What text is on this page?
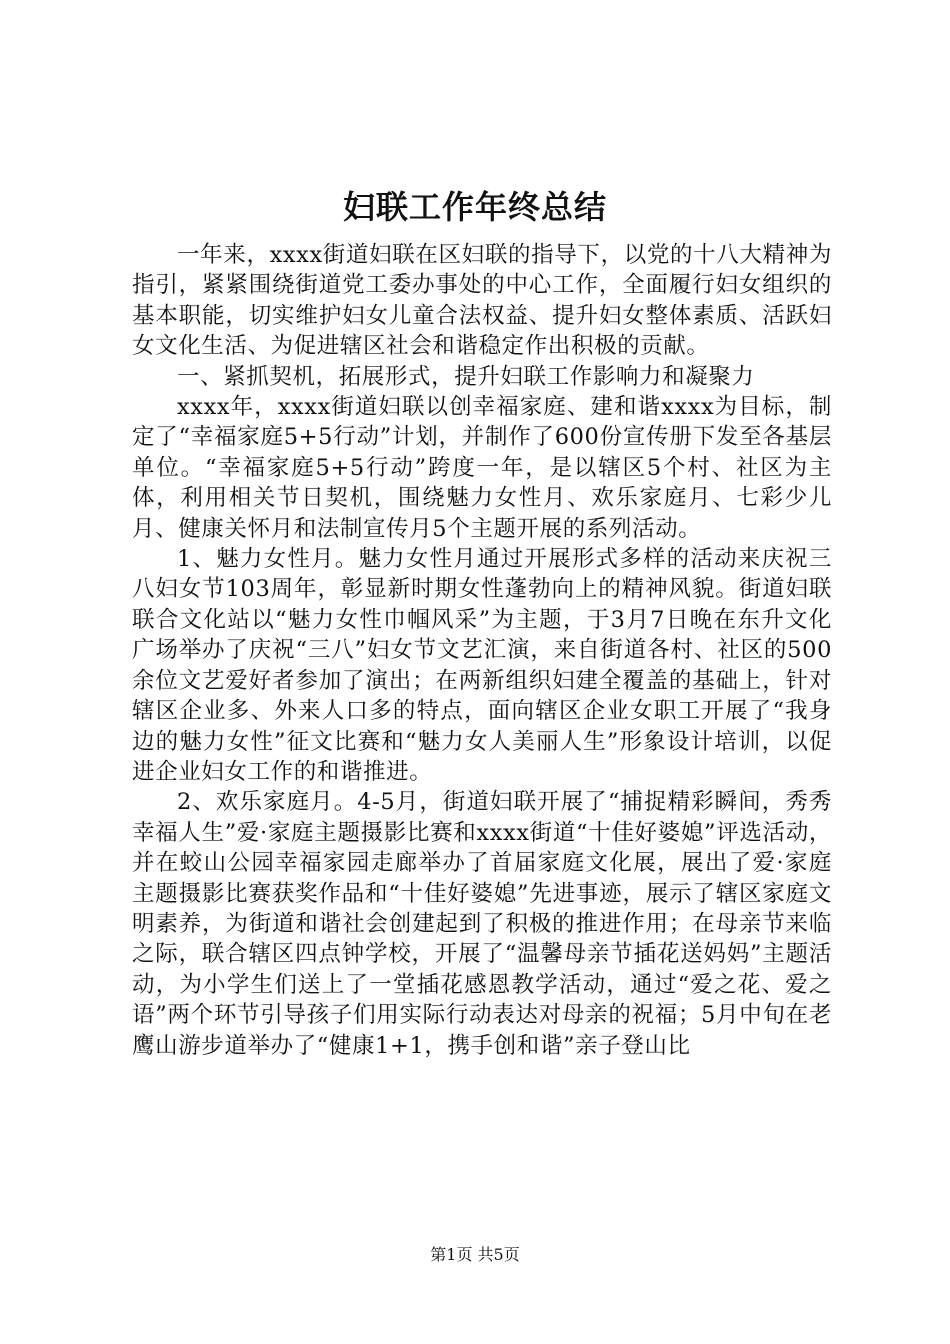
妇联工作年终总结

一年来，xxxx街道妇联在区妇联的指导下，以党的十八大精神为指引，紧紧围绕街道党工委办事处的中心工作，全面履行妇女组织的基本职能，切实维护妇女儿童合法权益、提升妇女整体素质、活跃妇女文化生活、为促进辖区社会和谐稳定作出积极的贡献。

一、紧抓契机，拓展形式，提升妇联工作影响力和凝聚力

xxxx年，xxxx街道妇联以创幸福家庭、建和谐xxxx为目标，制定了“幸福家庭5+5行动”计划，并制作了600份宣传册下发至各基层单位。“幸福家庭5+5行动”跨度一年，是以辖区5个村、社区为主体，利用相关节日契机，围绕魅力女性月、欢乐家庭月、七彩少儿月、健康关怀月和法制宣传月5个主题开展的系列活动。

1、魅力女性月。魅力女性月通过开展形式多样的活动来庆祝三八妇女节103周年，彰显新时期女性蓬勃向上的精神风貌。街道妇联联合文化站以“魅力女性巾帼风采”为主题，于3月7日晚在东升文化广场举办了庆祝“三八”妇女节文艺汇演，来自街道各村、社区的500余位文艺爱好者参加了演出；在两新组织妇建全覆盖的基础上，针对辖区企业多、外来人口多的特点，面向辖区企业女职工开展了“我身边的魅力女性”征文比赛和“魅力女人美丽人生”形象设计培训，以促进企业妇女工作的和谐推进。

2、欢乐家庭月。4-5月，街道妇联开展了“捕捉精彩瞬间，秀秀幸福人生”爱·家庭主题摄影比赛和xxxx街道“十佳好婆媳”评选活动，并在蛟山公园幸福家园走廊举办了首届家庭文化展，展出了爱·家庭主题摄影比赛获奖作品和“十佳好婆媳”先进事迹，展示了辖区家庭文明素养，为街道和谐社会创建起到了积极的推进作用；在母亲节来临之际，联合辖区四点钟学校，开展了“温馨母亲节插花送妈妈”主题活动，为小学生们送上了一堂插花感恩教学活动，通过“爱之花、爱之语”两个环节引导孩子们用实际行动表达对母亲的祝福；5月中旬在老鹰山游步道举办了“健康1+1，携手创和谐”亲子登山比

第1页 共5页
